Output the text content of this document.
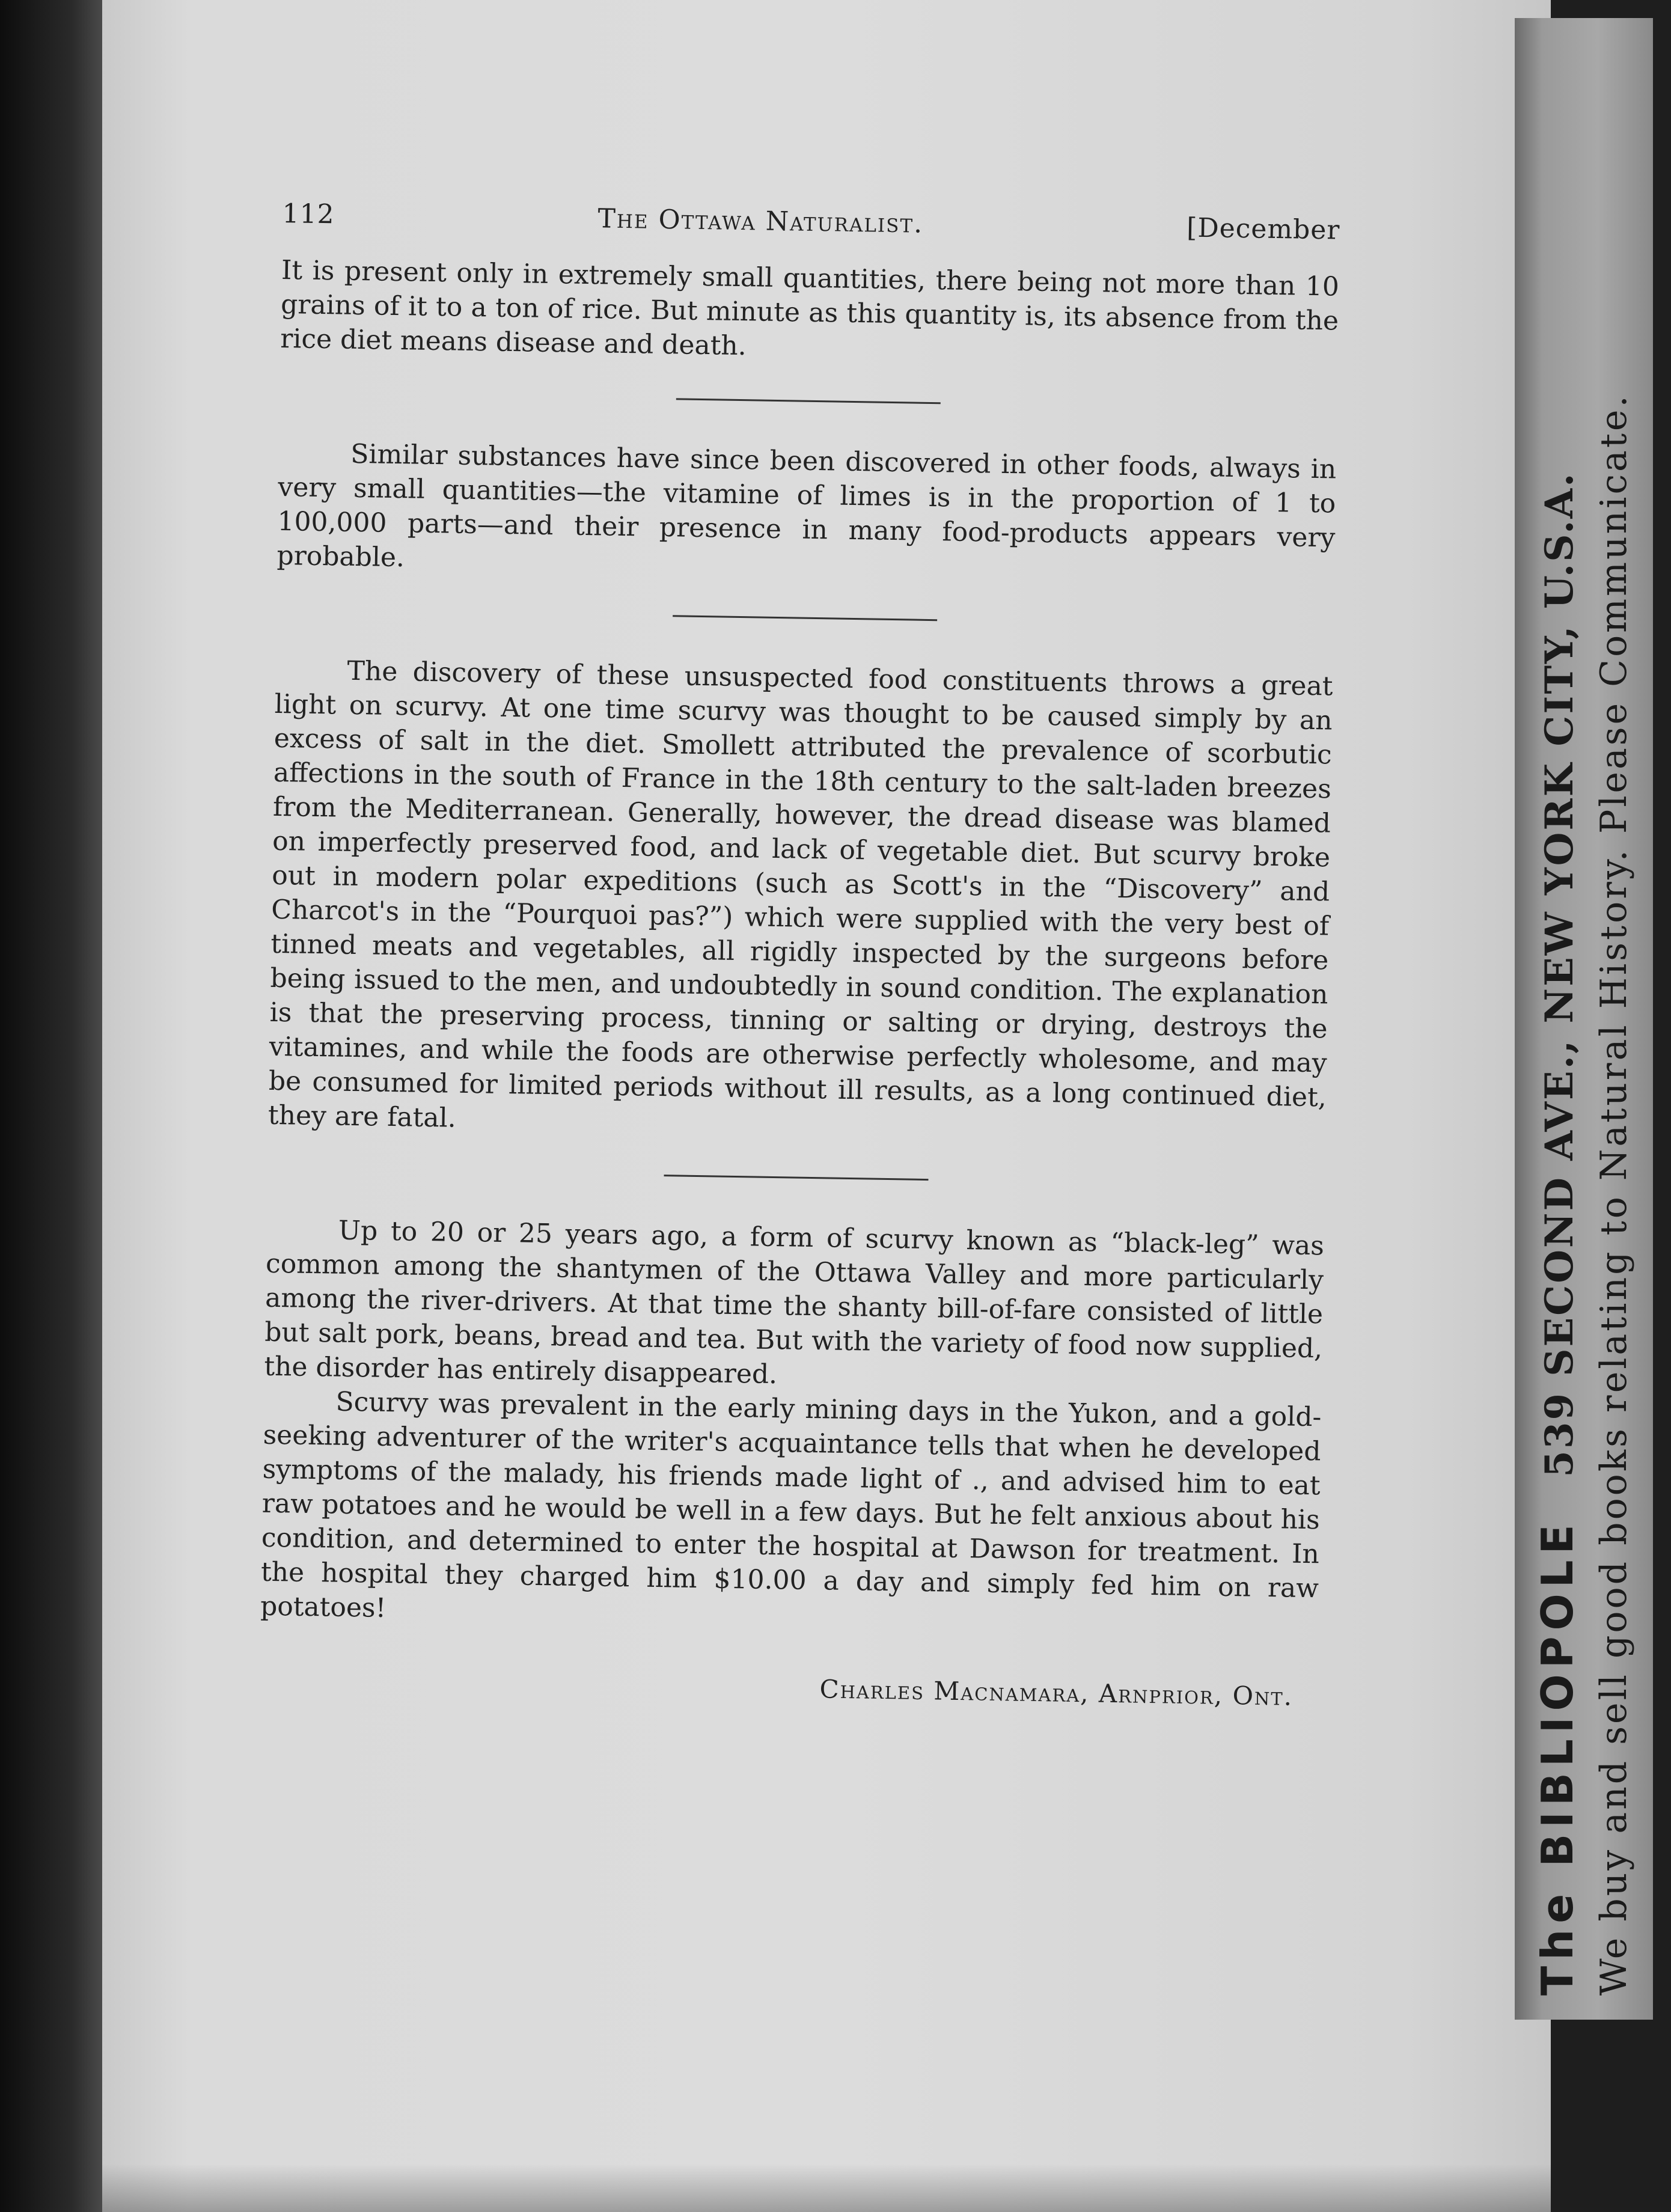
112	The Ottawa Naturalist.	[December

It is present only in extremely small quantities, there being not more than 10 grains of it to a ton of rice. But minute as this quantity is, its absence from the rice diet means disease and death.

Similar substances have since been discovered in other foods, always in very small quantities—the vitamine of limes is in the proportion of 1 to 100,000 parts—and their presence in many food-products appears very probable.

The discovery of these unsuspected food constituents throws a great light on scurvy. At one time scurvy was thought to be caused simply by an excess of salt in the diet. Smollett attributed the prevalence of scorbutic affections in the south of France in the 18th century to the salt-laden breezes from the Mediterranean. Generally, however, the dread disease was blamed on imperfectly preserved food, and lack of vegetable diet. But scurvy broke out in modern polar expeditions (such as Scott's in the “Discovery” and Charcot's in the “Pourquoi pas?”) which were supplied with the very best of tinned meats and vegetables, all rigidly inspected by the surgeons before being issued to the men, and undoubtedly in sound condition. The explanation is that the preserving process, tinning or salting or drying, destroys the vitamines, and while the foods are otherwise perfectly wholesome, and may be consumed for limited periods without ill results, as a long continued diet, they are fatal.

Up to 20 or 25 years ago, a form of scurvy known as “black-leg” was common among the shantymen of the Ottawa Valley and more particularly among the river-drivers. At that time the shanty bill-of-fare consisted of little but salt pork, beans, bread and tea. But with the variety of food now supplied, the disorder has entirely disappeared.

Scurvy was prevalent in the early mining days in the Yukon, and a gold-seeking adventurer of the writer's acquaintance tells that when he developed symptoms of the malady, his friends made light of ., and advised him to eat raw potatoes and he would be well in a few days. But he felt anxious about his condition, and determined to enter the hospital at Dawson for treatment. In the hospital they charged him $10.00 a day and simply fed him on raw potatoes!

Charles Macnamara, Arnprior, Ont.	The BIBLIOPOLE   539 SECOND AVE., NEW YORK CITY, U.S.A. We buy and sell good books relating to Natural History. Please Communicate.
